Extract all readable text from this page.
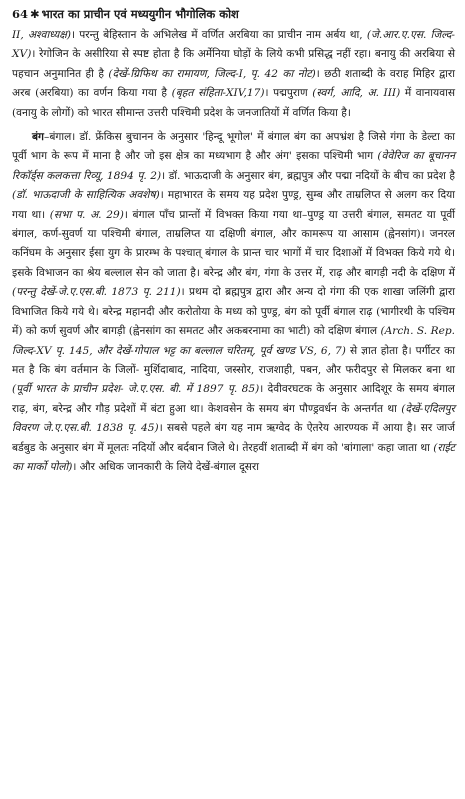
64 ✱ भारत का प्राचीन एवं मध्ययुगीन भौगोलिक कोश

II, अश्वाध्यक्ष)। परन्तु बेहिस्तान के अभिलेख में वर्णित अरबिया का प्राचीन नाम अर्बय था, (जे.आर.ए.एस. जिल्द-XV)। रेगोजिन के असीरिया से स्पष्ट होता है कि अर्मेनिया घोड़ों के लिये कभी प्रसिद्ध नहीं रहा। बनायु की अरबिया से पहचान अनुमानित ही है (देखें-ग्रिफिथ का रामायण, जिल्द-I, पृ. 42 का नोट)। छठी शताब्दी के वराह मिहिर द्वारा अरब (अरबिया) का वर्णन किया गया है (बृहत संहिता-XIV,17)। पद्मपुराण (स्वर्ग, आदि, अ. III) में वानायवास (वनायु के लोगों) को भारत सीमान्त उत्तरी पश्चिमी प्रदेश के जनजातियों में वर्णित किया है।

बंग–बंगाल। डॉ. फ्रेंकिस बुचानन के अनुसार 'हिन्दू भूगोल' में बंगाल बंग का अपभ्रंश है जिसे गंगा के डेल्टा का पूर्वी भाग के रूप में माना है और जो इस क्षेत्र का मध्यभाग है और अंग' इसका पश्चिमी भाग (वेवेरिज का बूचानन रिकॉर्ड्स कलकत्ता रिव्यू, 1894 पृ. 2)। डॉ. भाऊदाजी के अनुसार बंग, ब्रह्मपुत्र और पद्मा नदियों के बीच का प्रदेश है (डॉ. भाऊदाजी के साहित्यिक अवशेष)। महाभारत के समय यह प्रदेश पुण्ड्र, सुम्ब और ताम्रलिप्त से अलग कर दिया गया था। (सभा प. अ. 29)। बंगाल पाँच प्रान्तों में विभक्त किया गया था–पुण्ड्र या उत्तरी बंगाल, समतट या पूर्वी बंगाल, कर्ण-सुवर्ण या पश्चिमी बंगाल, ताम्रलिप्त या दक्षिणी बंगाल, और कामरूप या आसाम (ह्वेनसांग)। जनरल कनिंघम के अनुसार ईसा युग के प्रारम्भ के पश्चात् बंगाल के प्रान्त चार भागों में चार दिशाओं में विभक्त किये गये थे। इसके विभाजन का श्रेय बल्लाल सेन को जाता है। बरेन्द्र और बंग, गंगा के उत्तर में, राढ़ और बागड़ी नदी के दक्षिण में (परन्तु देखें-जे.ए.एस.बी. 1873 पृ. 211)। प्रथम दो ब्रह्मपुत्र द्वारा और अन्य दो गंगा की एक शाखा जलिंगी द्वारा विभाजित किये गये थे। बरेन्द्र महानदी और करोतोया के मध्य को पुण्ड्र, बंग को पूर्वी बंगाल राढ़ (भागीरथी के पश्चिम में) को कर्ण सुवर्ण और बागड़ी (ह्वेनसांग का समतट और अकबरनामा का भाटी) को दक्षिण बंगाल (Arch. S. Rep. जिल्द-XV पृ. 145, और देखें-गोपाल भट्ट का बल्लाल चरितम्, पूर्व खण्ड VS, 6, 7) से ज्ञात होता है। पर्गीटर का मत है कि बंग वर्तमान के जिलों- मुर्शिदाबाद, नादिया, जस्सोर, राजशाही, पबन, और फरीदपुर से मिलकर बना था (पूर्वी भारत के प्राचीन प्रदेश- जे.ए.एस. बी. में 1897 पृ. 85)। देवीवरघटक के अनुसार आदिशूर के समय बंगाल राढ़, बंग, बरेन्द्र और गौड़ प्रदेशों में बंटा हुआ था। केशवसेन के समय बंग पौण्ड्रवर्धन के अन्तर्गत था (देखें-एदिलपुर विवरण जे.ए.एस.बी. 1838 पृ. 45)। सबसे पहले बंग यह नाम ऋग्वेद के ऐतरेय आरण्यक में आया है। सर जार्ज बर्डबुड के अनुसार बंग में मूलतः नदियों और बर्दबान जिले थे। तेरहवीं शताब्दी में बंग को 'बांगाला' कहा जाता था (राईट का मार्को पोलो)। और अधिक जानकारी के लिये देखें-बंगाल दूसरा
